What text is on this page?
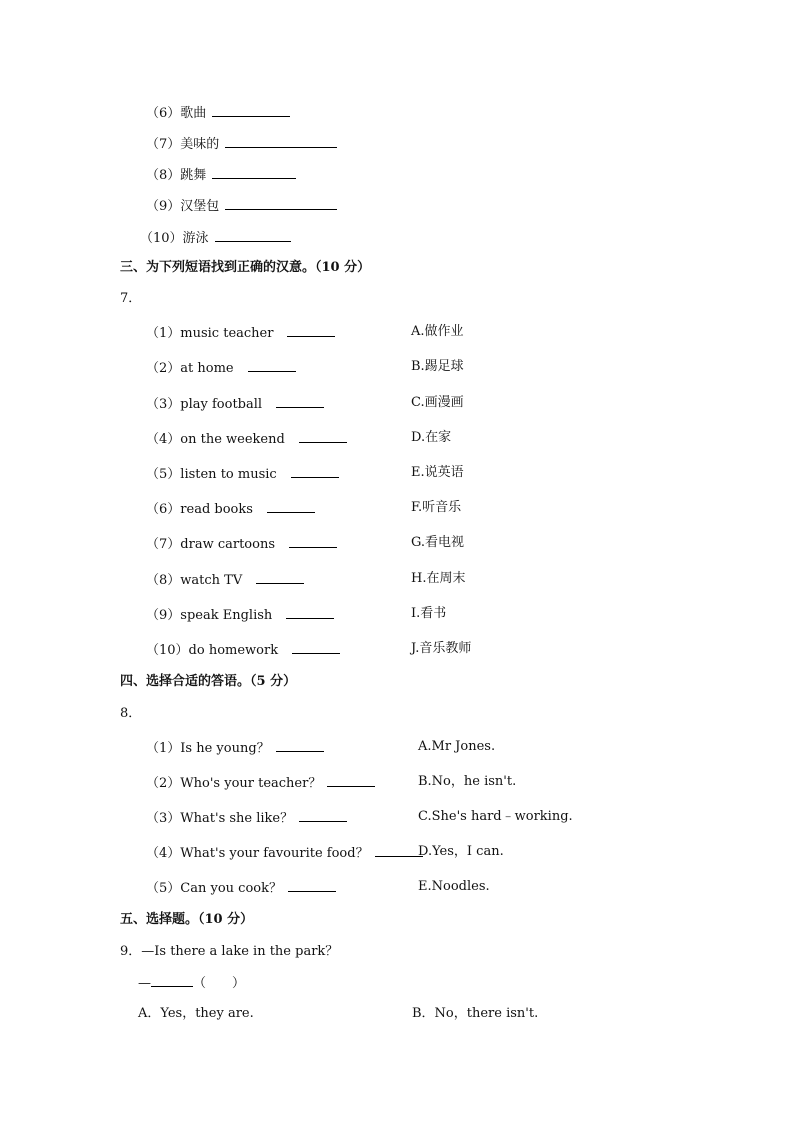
（6）歌曲
（7）美味的
（8）跳舞
（9）汉堡包
（10）游泳
三、为下列短语找到正确的汉意。（10 分）
7．
（1）music teacher
（2）at home
（3）play football
（4）on the weekend
（5）listen to music
（6）read books
（7）draw cartoons
（8）watch TV
（9）speak English
（10）do homework
A.做作业
B.踢足球
C.画漫画
D.在家
E.说英语
F.听音乐
G.看电视
H.在周末
I.看书
J.音乐教师
四、选择合适的答语。（5 分）
8．
（1）Is he young？
（2）Who's your teacher？
（3）What's she like？
（4）What's your favourite food？
（5）Can you cook？
A.Mr Jones.
B.No，he isn't.
C.She's hard﹣working.
D.Yes，I can.
E.Noodles.
五、选择题。（10 分）
9．—Is there a lake in the park？
—	（　　）
A．Yes，they are.	B．No，there isn't.
